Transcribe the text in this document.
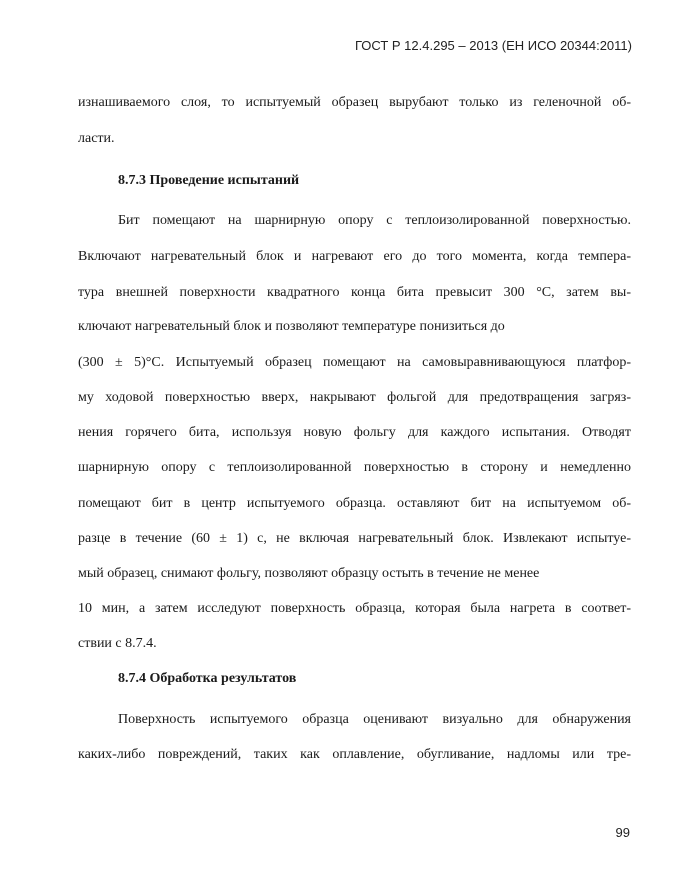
ГОСТ Р 12.4.295 – 2013 (ЕН ИСО 20344:2011)
изнашиваемого слоя, то испытуемый образец вырубают только из геленочной об-
ласти.
8.7.3 Проведение испытаний
Бит помещают на шарнирную опору с теплоизолированной поверхностью.
Включают нагревательный блок и нагревают его до того момента, когда темпера-
тура внешней поверхности квадратного конца бита превысит 300 °С, затем вы-
ключают нагревательный блок и позволяют температуре понизиться до
(300 ± 5)°С. Испытуемый образец помещают на самовыравнивающуюся платфор-
му ходовой поверхностью вверх, накрывают фольгой для предотвращения загряз-
нения горячего бита, используя новую фольгу для каждого испытания. Отводят
шарнирную опору с теплоизолированной поверхностью в сторону и немедленно
помещают бит в центр испытуемого образца. оставляют бит на испытуемом об-
разце в течение (60 ± 1) с, не включая нагревательный блок. Извлекают испытуе-
мый образец, снимают фольгу, позволяют образцу остыть в течение не менее
10 мин, а затем исследуют поверхность образца, которая была нагрета в соответ-
ствии с 8.7.4.
8.7.4 Обработка результатов
Поверхность испытуемого образца оценивают визуально для обнаружения
каких-либо повреждений, таких как оплавление, обугливание, надломы или тре-
99
